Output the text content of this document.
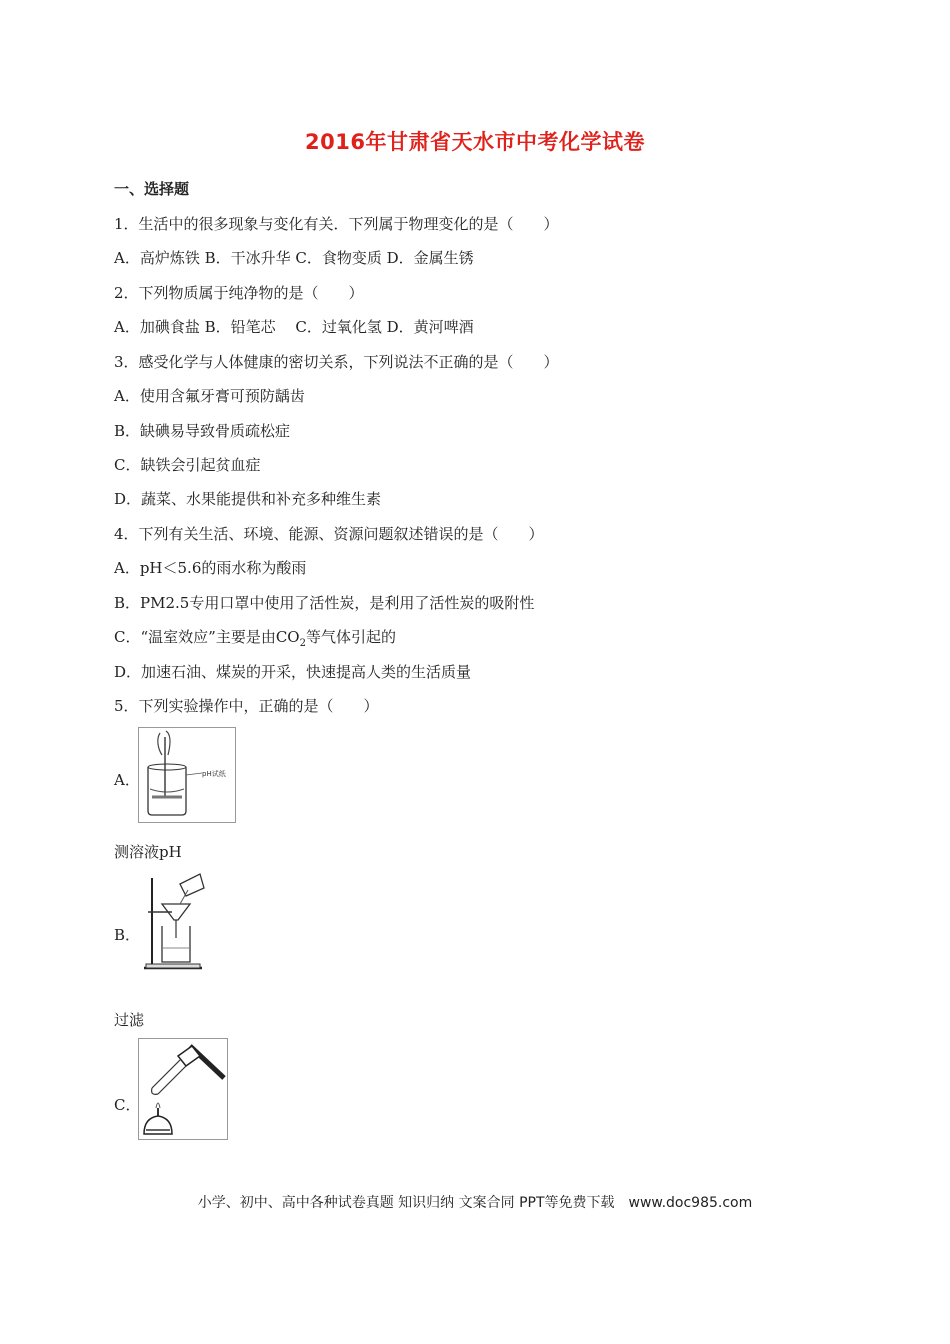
2016年甘肃省天水市中考化学试卷
一、选择题
1．生活中的很多现象与变化有关．下列属于物理变化的是（　　）
A．高炉炼铁 B．干冰升华 C．食物变质 D．金属生锈
2．下列物质属于纯净物的是（　　）
A．加碘食盐 B．铅笔芯　 C．过氧化氢 D．黄河啤酒
3．感受化学与人体健康的密切关系，下列说法不正确的是（　　）
A．使用含氟牙膏可预防龋齿
B．缺碘易导致骨质疏松症
C．缺铁会引起贫血症
D．蔬菜、水果能提供和补充多种维生素
4．下列有关生活、环境、能源、资源问题叙述错误的是（　　）
A．pH＜5.6的雨水称为酸雨
B．PM2.5专用口罩中使用了活性炭，是利用了活性炭的吸附性
C．“温室效应”主要是由$CO_2$等气体引起的
D．加速石油、煤炭的开采，快速提高人类的生活质量
5．下列实验操作中，正确的是（　　）
A．	pH试纸
测溶液pH
B．
过滤
C．
小学、初中、高中各种试卷真题 知识归纳 文案合同 PPT等免费下载　www.doc985.com
